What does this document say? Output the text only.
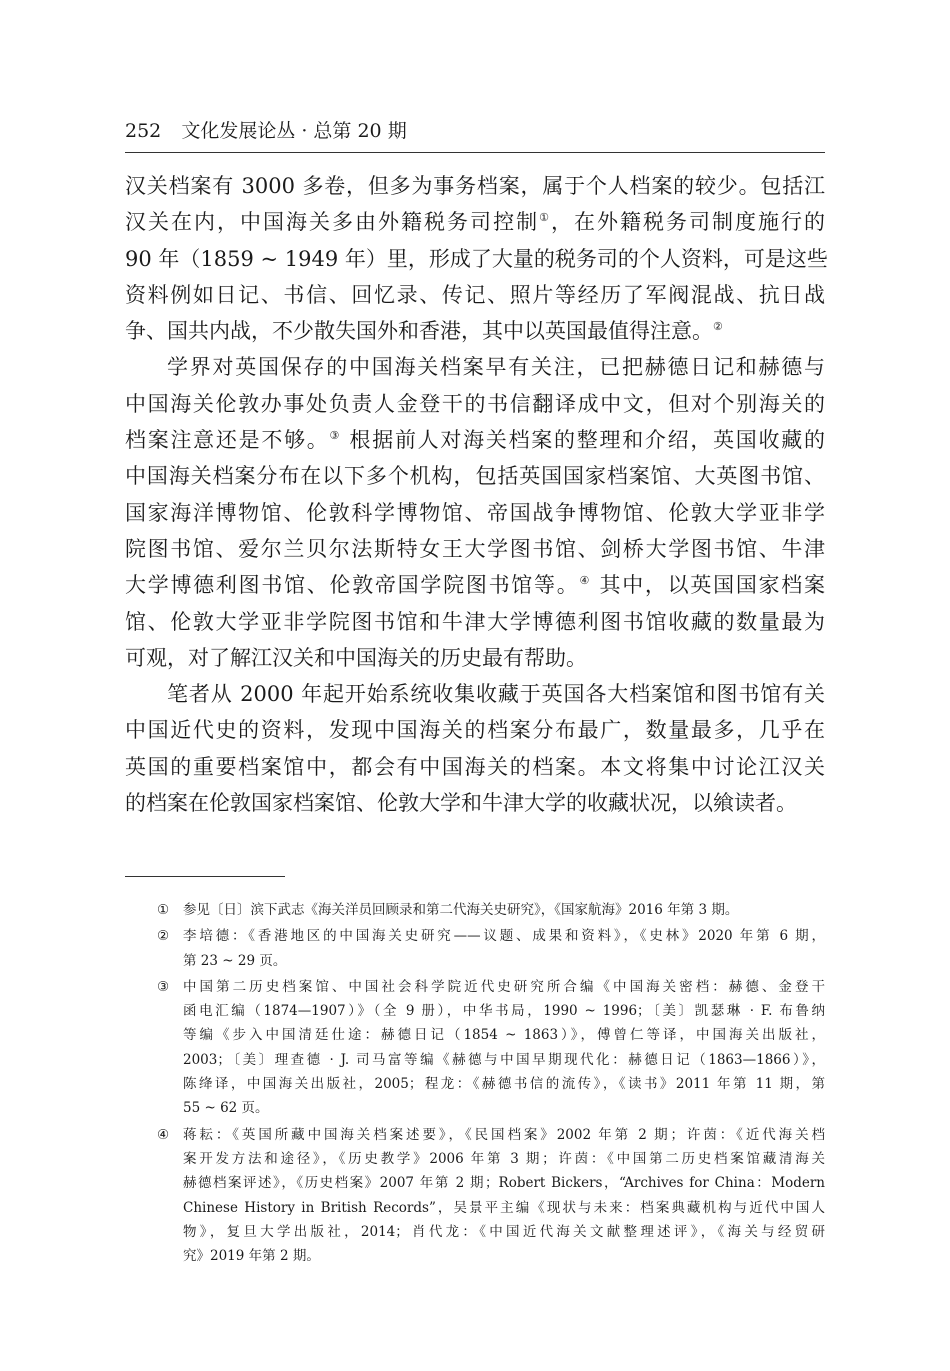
252 文化发展论丛 · 总第 20 期
汉关档案有 3000 多卷，但多为事务档案，属于个人档案的较少。包括江
汉关在内，中国海关多由外籍税务司控制①，在外籍税务司制度施行的
90 年（1859 ~ 1949 年）里，形成了大量的税务司的个人资料，可是这些
资料例如日记、书信、回忆录、传记、照片等经历了军阀混战、抗日战
争、国共内战，不少散失国外和香港，其中以英国最值得注意。②
学界对英国保存的中国海关档案早有关注，已把赫德日记和赫德与
中国海关伦敦办事处负责人金登干的书信翻译成中文，但对个别海关的
档案注意还是不够。③ 根据前人对海关档案的整理和介绍，英国收藏的
中国海关档案分布在以下多个机构，包括英国国家档案馆、大英图书馆、
国家海洋博物馆、伦敦科学博物馆、帝国战争博物馆、伦敦大学亚非学
院图书馆、爱尔兰贝尔法斯特女王大学图书馆、剑桥大学图书馆、牛津
大学博德利图书馆、伦敦帝国学院图书馆等。④ 其中，以英国国家档案
馆、伦敦大学亚非学院图书馆和牛津大学博德利图书馆收藏的数量最为
可观，对了解江汉关和中国海关的历史最有帮助。
笔者从 2000 年起开始系统收集收藏于英国各大档案馆和图书馆有关
中国近代史的资料，发现中国海关的档案分布最广，数量最多，几乎在
英国的重要档案馆中，都会有中国海关的档案。本文将集中讨论江汉关
的档案在伦敦国家档案馆、伦敦大学和牛津大学的收藏状况，以飨读者。
① 参见〔日〕滨下武志《海关洋员回顾录和第二代海关史研究》，《国家航海》2016 年第 3 期。
② 李培德：《香港地区的中国海关史研究——议题、成果和资料》，《史林》2020 年第 6 期，
第 23 ~ 29 页。
③ 中国第二历史档案馆、中国社会科学院近代史研究所合编《中国海关密档：赫德、金登干
函电汇编（1874—1907）》（全 9 册），中华书局，1990 ~ 1996；〔美〕凯瑟琳 · F. 布鲁纳
等编《步入中国清廷仕途：赫德日记（1854 ~ 1863）》，傅曾仁等译，中国海关出版社，
2003；〔美〕理查德 · J. 司马富等编《赫德与中国早期现代化：赫德日记（1863—1866）》，
陈绛译，中国海关出版社，2005；程龙：《赫德书信的流传》，《读书》2011 年第 11 期，第
55 ~ 62 页。
④ 蒋耘：《英国所藏中国海关档案述要》，《民国档案》2002 年第 2 期；许茵：《近代海关档
案开发方法和途径》，《历史教学》2006 年第 3 期；许茵：《中国第二历史档案馆藏清海关
赫德档案评述》，《历史档案》2007 年第 2 期；Robert Bickers，“Archives for China：Modern
Chinese History in British Records”，吴景平主编《现状与未来：档案典藏机构与近代中国人
物》，复旦大学出版社，2014；肖代龙：《中国近代海关文献整理述评》，《海关与经贸研
究》2019 年第 2 期。
